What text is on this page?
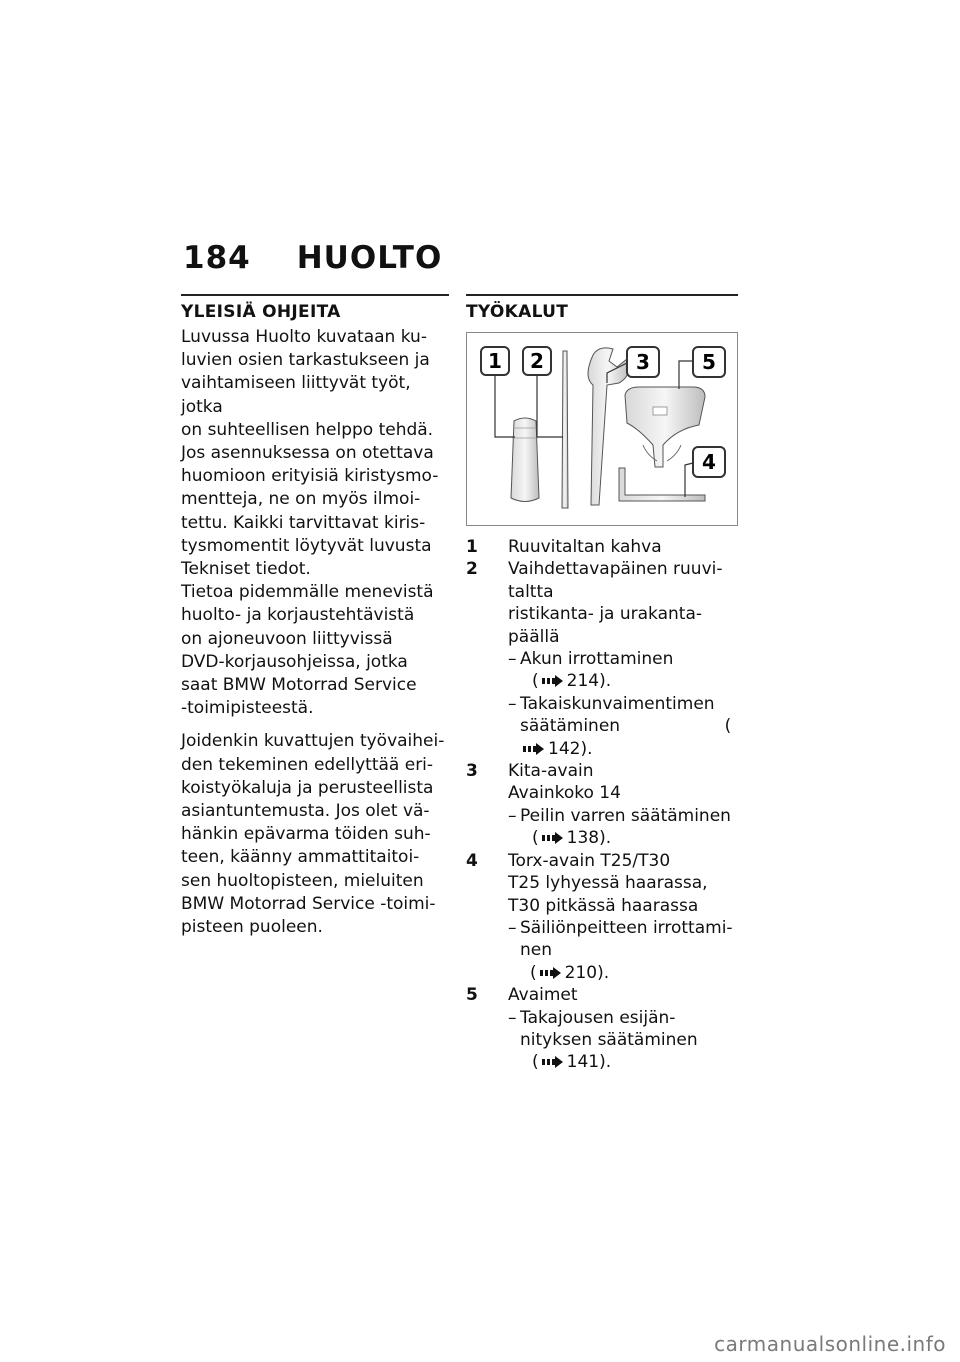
184 HUOLTO
YLEISIÄ OHJEITA

Luvussa Huolto kuvataan ku-
luvien osien tarkastukseen ja
vaihtamiseen liittyvät työt, jotka
on suhteellisen helppo tehdä.
Jos asennuksessa on otettava
huomioon erityisiä kiristysmo-
mentteja, ne on myös ilmoi-
tettu. Kaikki tarvittavat kiris-
tysmomentit löytyvät luvusta
Tekniset tiedot.

Tietoa pidemmälle menevistä
huolto- ja korjaustehtävistä
on ajoneuvoon liittyvissä
DVD-korjausohjeissa, jotka
saat BMW Motorrad Service
-toimipisteestä.

Joidenkin kuvattujen työvaihei-
den tekeminen edellyttää eri-
koistyökaluja ja perusteellista
asiantuntemusta. Jos olet vä-
hänkin epävarma töiden suh-
teen, käänny ammattitaitoi-
sen huoltopisteen, mieluiten
BMW Motorrad Service -toimi-
pisteen puoleen.

TYÖKALUT
1 2	3	5
4
1 Ruuvitaltan kahva
2 Vaihdettavapäinen ruuvi-
taltta
ristikanta- ja urakanta-
päällä
– Akun irrottaminen
( 214).
– Takaiskunvaimentimen
säätäminen	(142).
3 Kita-avain
Avainkoko 14
– Peilin varren säätäminen
( 138).
4 Torx-avain T25/T30
T25 lyhyessä haarassa,
T30 pitkässä haarassa
– Säiliönpeitteen irrottami-
nen( 210).
5 Avaimet
– Takajousen esijän-
nityksen säätäminen
( 141).
carmanualsonline.info
